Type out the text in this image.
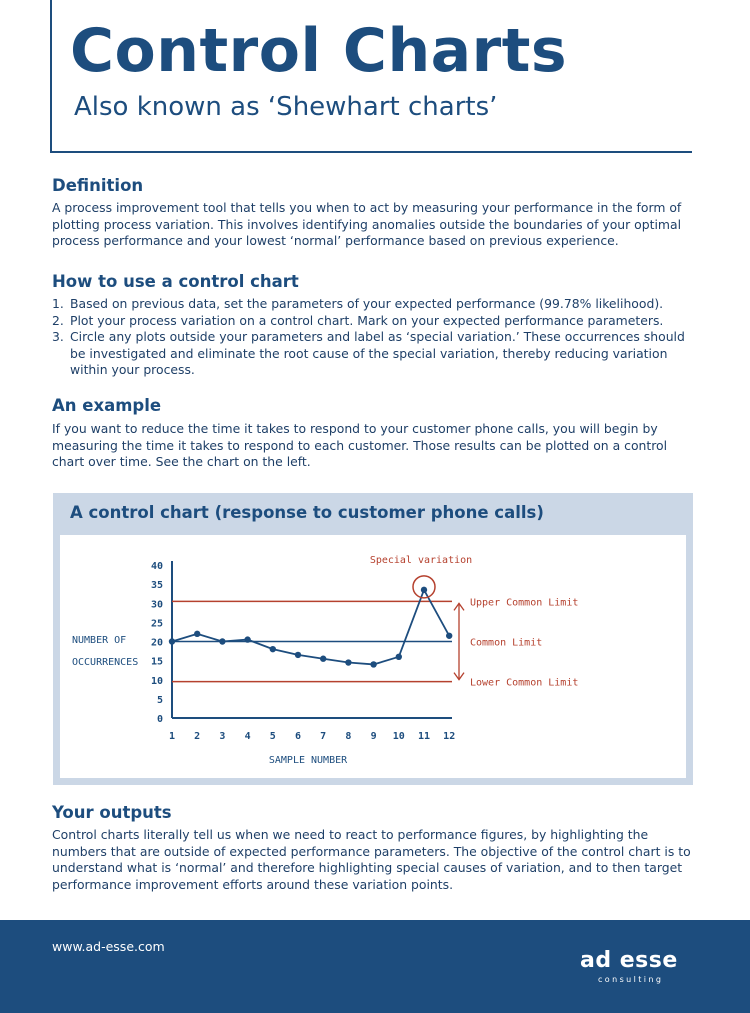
Control Charts
Also known as ‘Shewhart charts’
Definition
A process improvement tool that tells you when to act by measuring your performance in the form of plotting process variation. This involves identifying anomalies outside the boundaries of your optimal process performance and your lowest ‘normal’ performance based on previous experience.
How to use a control chart
1. Based on previous data, set the parameters of your expected performance (99.78% likelihood).
2. Plot your process variation on a control chart. Mark on your expected performance parameters.
3. Circle any plots outside your parameters and label as ‘special variation.’ These occurrences should be investigated and eliminate the root cause of the special variation, thereby reducing variation within your process.
An example
If you want to reduce the time it takes to respond to your customer phone calls, you will begin by measuring the time it takes to respond to each customer. Those results can be plotted on a control chart over time. See the chart on the left.
A control chart (response to customer phone calls)
0
5
10
15
20
25
30
35
40
1 2 3 4 5 6 7 8 9 10 11 12
SAMPLE NUMBER
NUMBER OF
OCCURRENCES
Upper Common Limit
Common Limit
Lower Common Limit
Special variation
Your outputs
Control charts literally tell us when we need to react to performance figures, by highlighting the numbers that are outside of expected performance parameters. The objective of the control chart is to understand what is ‘normal’ and therefore highlighting special causes of variation, and to then target performance improvement efforts around these variation points.
www.ad-esse.com
ad esse
consulting
